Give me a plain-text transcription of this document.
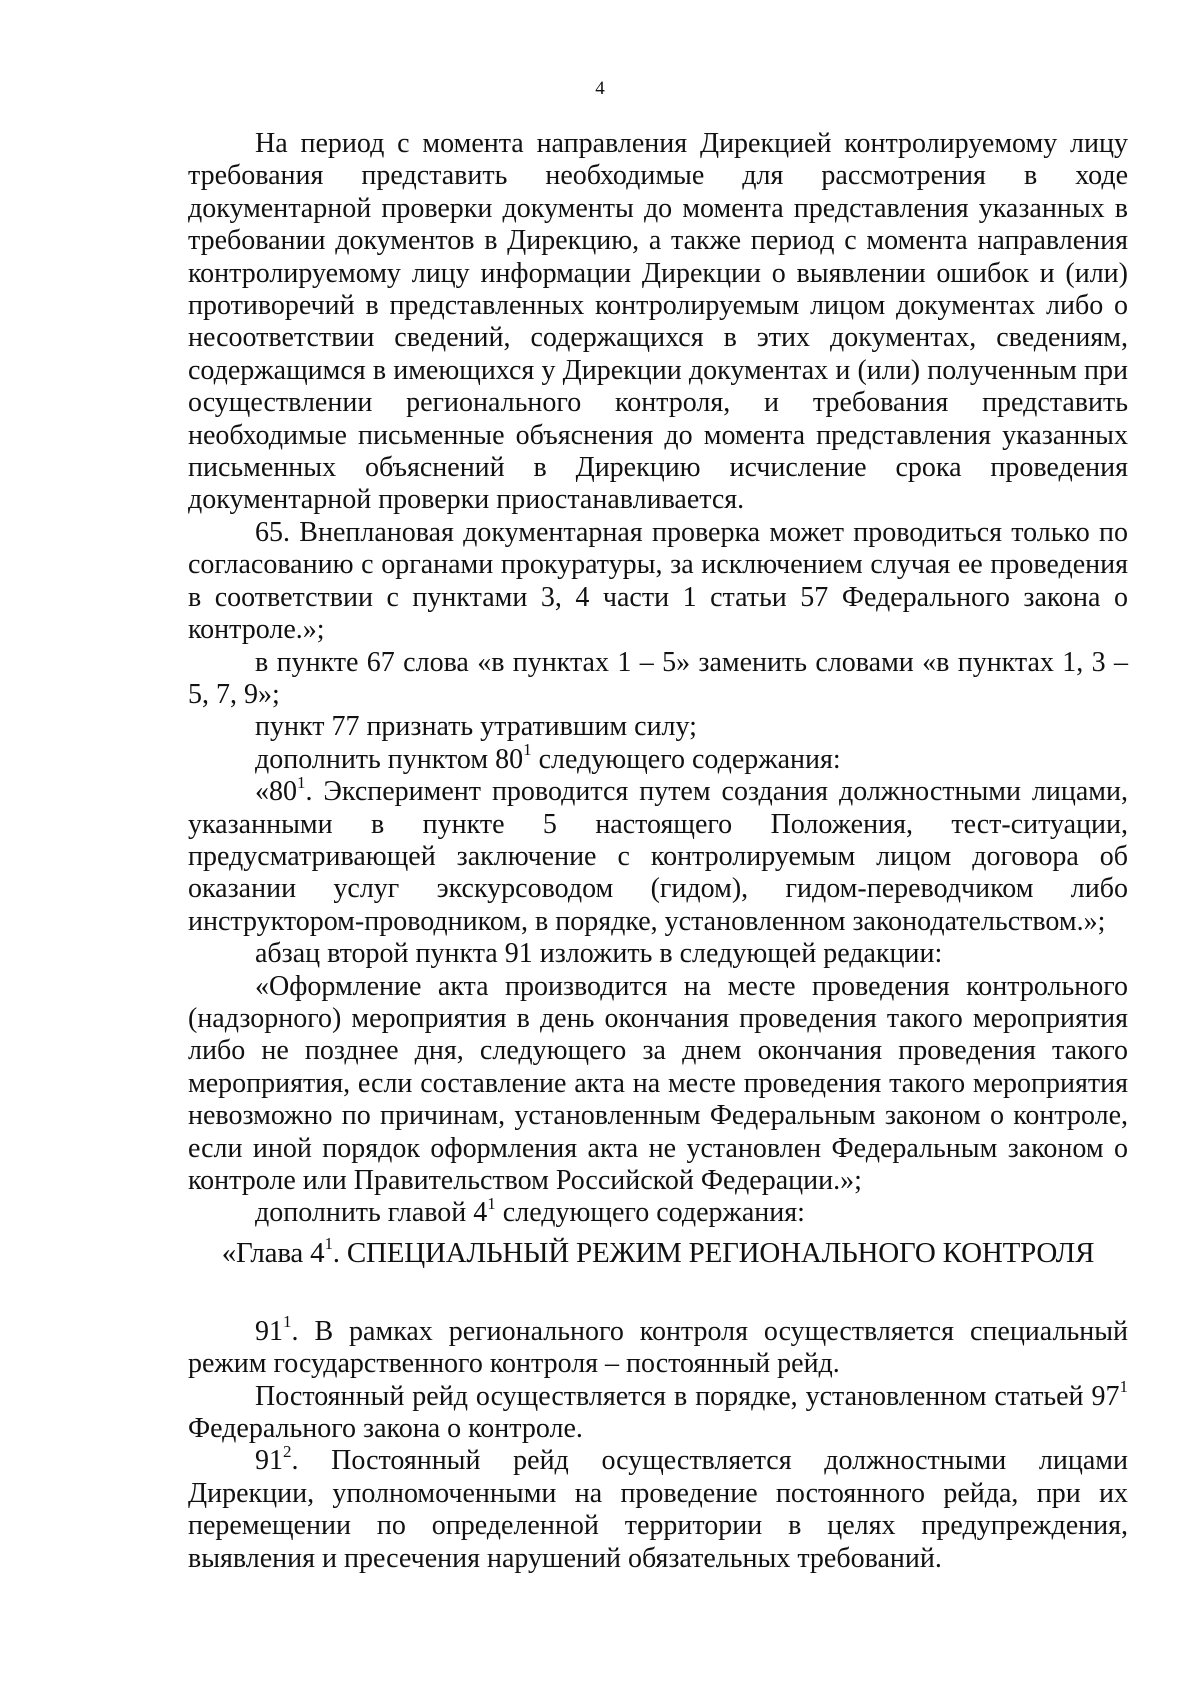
4

На период с момента направления Дирекцией контролируемому лицу требования представить необходимые для рассмотрения в ходе документарной проверки документы до момента представления указанных в требовании документов в Дирекцию, а также период с момента направления контролируемому лицу информации Дирекции о выявлении ошибок и (или) противоречий в представленных контролируемым лицом документах либо о несоответствии сведений, содержащихся в этих документах, сведениям, содержащимся в имеющихся у Дирекции документах и (или) полученным при осуществлении регионального контроля, и требования представить необходимые письменные объяснения до момента представления указанных письменных объяснений в Дирекцию исчисление срока проведения документарной проверки приостанавливается.

65. Внеплановая документарная проверка может проводиться только по согласованию с органами прокуратуры, за исключением случая ее проведения в соответствии с пунктами 3, 4 части 1 статьи 57 Федерального закона о контроле.»;

в пункте 67 слова «в пунктах 1 – 5» заменить словами «в пунктах 1, 3 – 5, 7, 9»;

пункт 77 признать утратившим силу;

дополнить пунктом $80^1$ следующего содержания:

«$80^1$. Эксперимент проводится путем создания должностными лицами, указанными в пункте 5 настоящего Положения, тест-ситуации, предусматривающей заключение с контролируемым лицом договора об оказании услуг экскурсоводом (гидом), гидом-переводчиком либо инструктором-проводником, в порядке, установленном законодательством.»;

абзац второй пункта 91 изложить в следующей редакции:

«Оформление акта производится на месте проведения контрольного (надзорного) мероприятия в день окончания проведения такого мероприятия либо не позднее дня, следующего за днем окончания проведения такого мероприятия, если составление акта на месте проведения такого мероприятия невозможно по причинам, установленным Федеральным законом о контроле, если иной порядок оформления акта не установлен Федеральным законом о контроле или Правительством Российской Федерации.»;

дополнить главой $4^1$ следующего содержания:

«Глава $4^1$. СПЕЦИАЛЬНЫЙ РЕЖИМ РЕГИОНАЛЬНОГО КОНТРОЛЯ

$91^1$. В рамках регионального контроля осуществляется специальный режим государственного контроля – постоянный рейд.

Постоянный рейд осуществляется в порядке, установленном статьей $97^1$ Федерального закона о контроле.

$91^2$. Постоянный рейд осуществляется должностными лицами Дирекции, уполномоченными на проведение постоянного рейда, при их перемещении по определенной территории в целях предупреждения, выявления и пресечения нарушений обязательных требований.
